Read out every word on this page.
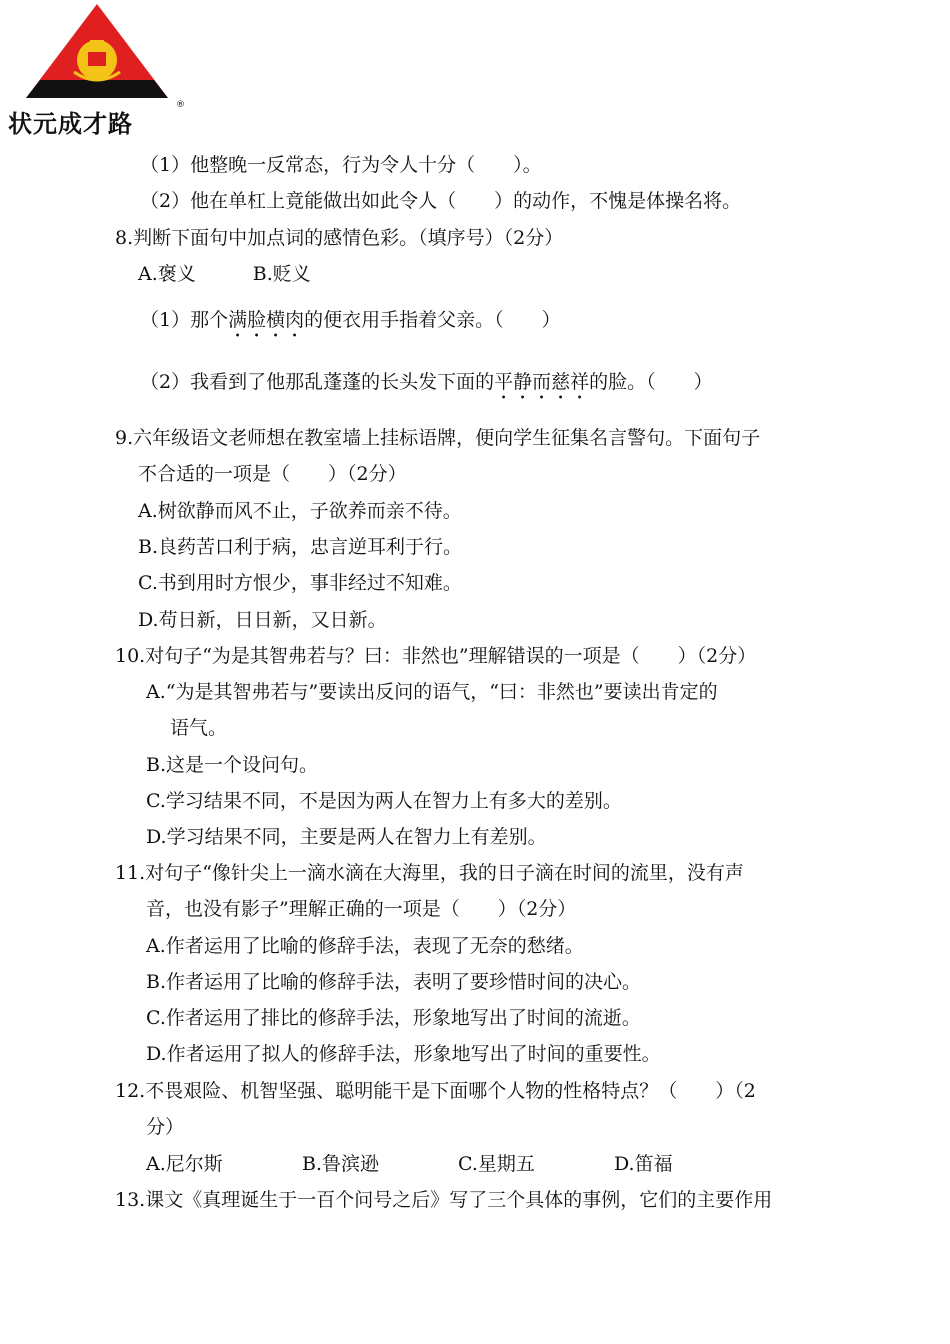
®
状元成才路
（1）他整晚一反常态，行为令人十分（　　）。
（2）他在单杠上竟能做出如此令人（　　）的动作，不愧是体操名将。
8.判断下面句中加点词的感情色彩。（填序号）（2分）
A.褒义　　　B.贬义
（1）那个满脸横肉的便衣用手指着父亲。（　　）
（2）我看到了他那乱蓬蓬的长头发下面的平静而慈祥的脸。（　　）
9.六年级语文老师想在教室墙上挂标语牌，便向学生征集名言警句。下面句子
不合适的一项是（　　）（2分）
A.树欲静而风不止，子欲养而亲不待。
B.良药苦口利于病，忠言逆耳利于行。
C.书到用时方恨少，事非经过不知难。
D.苟日新，日日新，又日新。
10.对句子“为是其智弗若与？曰：非然也”理解错误的一项是（　　）（2分）
A.“为是其智弗若与”要读出反问的语气，“曰：非然也”要读出肯定的
语气。
B.这是一个设问句。
C.学习结果不同，不是因为两人在智力上有多大的差别。
D.学习结果不同，主要是两人在智力上有差别。
11.对句子“像针尖上一滴水滴在大海里，我的日子滴在时间的流里，没有声
音，也没有影子”理解正确的一项是（　　）（2分）
A.作者运用了比喻的修辞手法，表现了无奈的愁绪。
B.作者运用了比喻的修辞手法，表明了要珍惜时间的决心。
C.作者运用了排比的修辞手法，形象地写出了时间的流逝。
D.作者运用了拟人的修辞手法，形象地写出了时间的重要性。
12.不畏艰险、机智坚强、聪明能干是下面哪个人物的性格特点？（　　）（2
分）
A.尼尔斯	B.鲁滨逊	C.星期五	D.笛福
13.课文《真理诞生于一百个问号之后》写了三个具体的事例，它们的主要作用
